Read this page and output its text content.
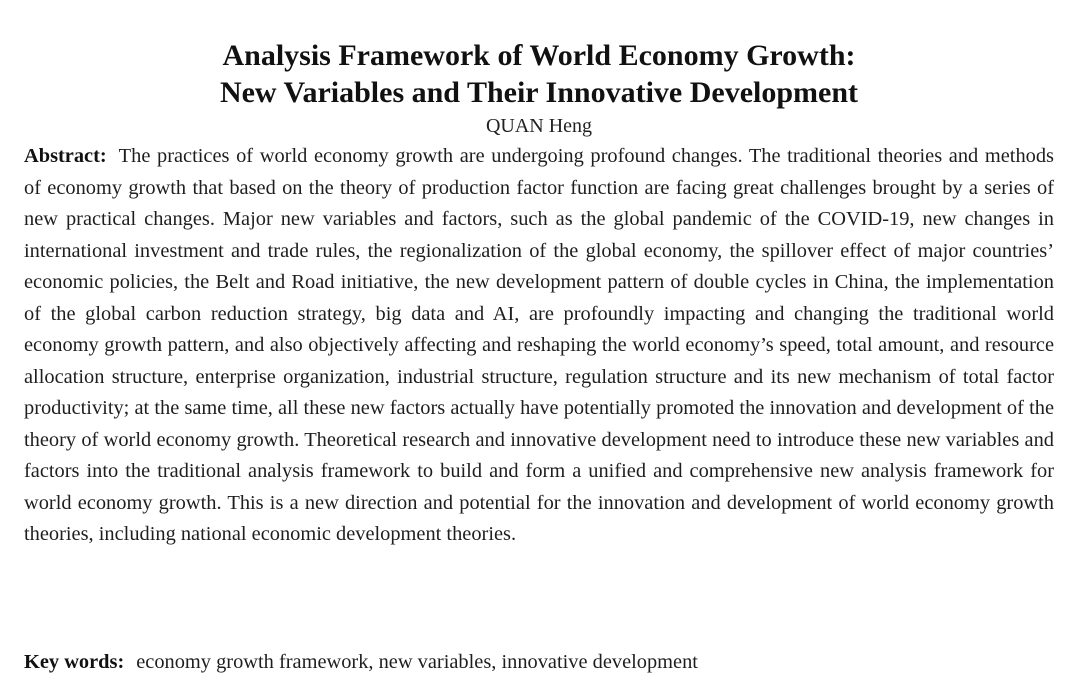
Analysis Framework of World Economy Growth:
New Variables and Their Innovative Development
QUAN Heng

Abstract: The practices of world economy growth are undergoing profound changes. The traditional theories and methods of economy growth that based on the theory of production factor function are facing great challenges brought by a series of new practical changes. Major new variables and factors, such as the global pandemic of the COVID-19, new changes in international investment and trade rules, the regionalization of the global economy, the spillover effect of major countries’ economic policies, the Belt and Road initiative, the new development pattern of double cycles in China, the implementation of the global carbon reduction strategy, big data and AI, are profoundly impacting and changing the traditional world economy growth pattern, and also objectively affecting and reshaping the world economy’s speed, total amount, and resource allocation structure, enterprise organization, industrial structure, regulation structure and its new mechanism of total factor productivity; at the same time, all these new factors actually have potentially promoted the innovation and development of the theory of world economy growth. Theoretical research and innovative development need to introduce these new variables and factors into the traditional analysis framework to build and form a unified and comprehensive new analysis framework for world economy growth. This is a new direction and potential for the innovation and development of world economy growth theories, including national economic development theories.

Key words: economy growth framework, new variables, innovative development
